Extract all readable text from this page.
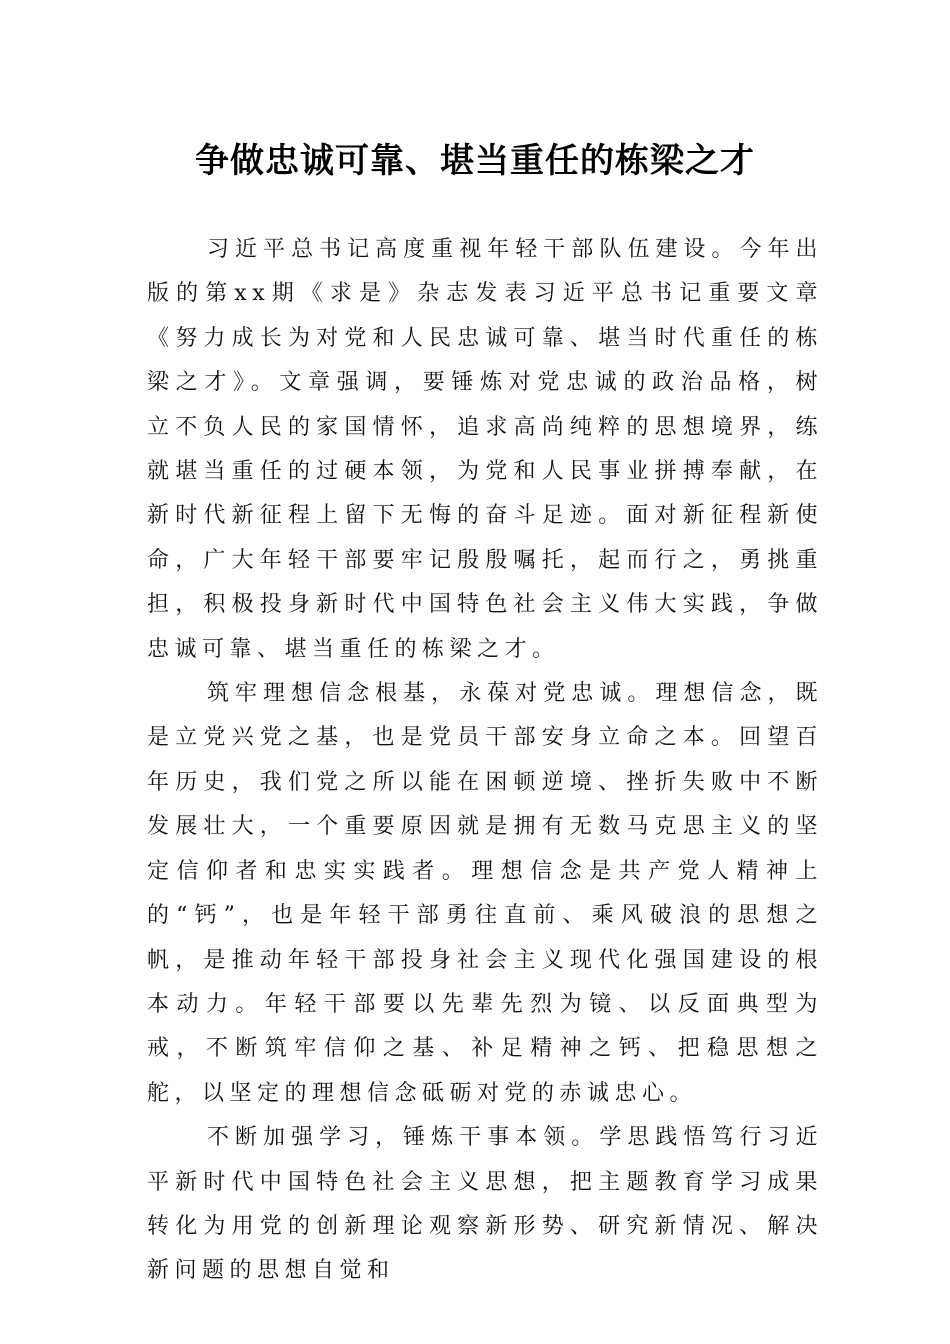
争做忠诚可靠、堪当重任的栋梁之才

习近平总书记高度重视年轻干部队伍建设。今年出版的第xx期《求是》杂志发表习近平总书记重要文章《努力成长为对党和人民忠诚可靠、堪当时代重任的栋梁之才》。文章强调，要锤炼对党忠诚的政治品格，树立不负人民的家国情怀，追求高尚纯粹的思想境界，练就堪当重任的过硬本领，为党和人民事业拼搏奉献，在新时代新征程上留下无悔的奋斗足迹。面对新征程新使命，广大年轻干部要牢记殷殷嘱托，起而行之，勇挑重担，积极投身新时代中国特色社会主义伟大实践，争做忠诚可靠、堪当重任的栋梁之才。

筑牢理想信念根基，永葆对党忠诚。理想信念，既是立党兴党之基，也是党员干部安身立命之本。回望百年历史，我们党之所以能在困顿逆境、挫折失败中不断发展壮大，一个重要原因就是拥有无数马克思主义的坚定信仰者和忠实实践者。理想信念是共产党人精神上的“钙”，也是年轻干部勇往直前、乘风破浪的思想之帆，是推动年轻干部投身社会主义现代化强国建设的根本动力。年轻干部要以先辈先烈为镜、以反面典型为戒，不断筑牢信仰之基、补足精神之钙、把稳思想之舵，以坚定的理想信念砥砺对党的赤诚忠心。

不断加强学习，锤炼干事本领。学思践悟笃行习近平新时代中国特色社会主义思想，把主题教育学习成果转化为用党的创新理论观察新形势、研究新情况、解决新问题的思想自觉和
